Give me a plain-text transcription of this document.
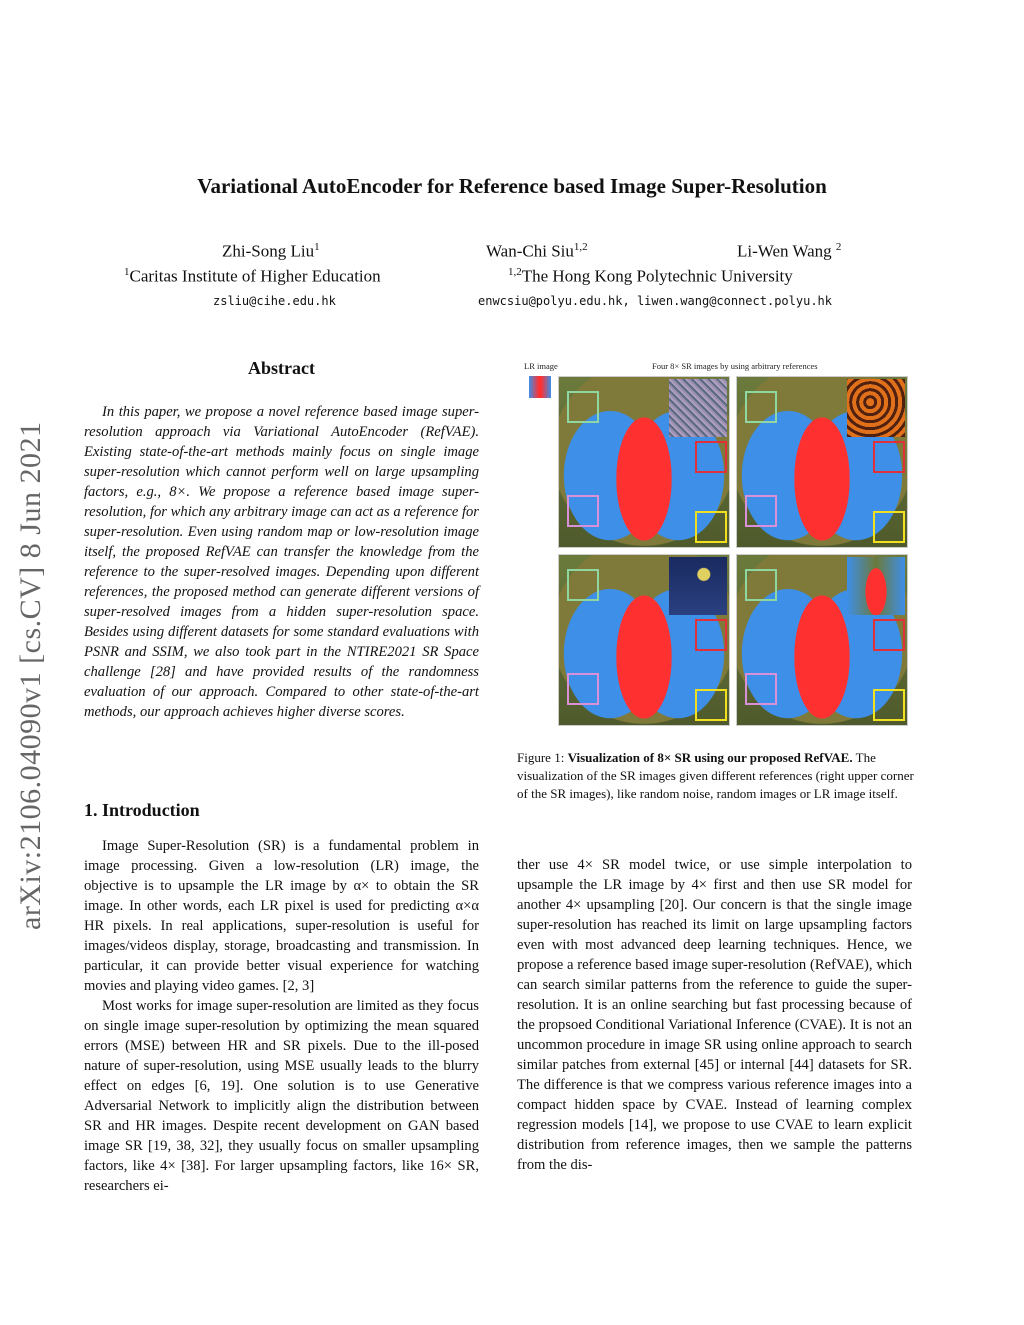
arXiv:2106.04090v1 [cs.CV] 8 Jun 2021
Variational AutoEncoder for Reference based Image Super-Resolution
Zhi-Song Liu$^1$	Wan-Chi Siu$^{1,2}$	Li-Wen Wang $^2$
$^1$Caritas Institute of Higher Education	$^{1,2}$The Hong Kong Polytechnic University
zsliu@cihe.edu.hk	enwcsiu@polyu.edu.hk, liwen.wang@connect.polyu.hk
Abstract

In this paper, we propose a novel reference based image super-resolution approach via Variational AutoEncoder (RefVAE). Existing state-of-the-art methods mainly focus on single image super-resolution which cannot perform well on large upsampling factors, e.g., 8×. We propose a reference based image super-resolution, for which any arbitrary image can act as a reference for super-resolution. Even using random map or low-resolution image itself, the proposed RefVAE can transfer the knowledge from the reference to the super-resolved images. Depending upon different references, the proposed method can generate different versions of super-resolved images from a hidden super-resolution space. Besides using different datasets for some standard evaluations with PSNR and SSIM, we also took part in the NTIRE2021 SR Space challenge [28] and have provided results of the randomness evaluation of our approach. Compared to other state-of-the-art methods, our approach achieves higher diverse scores.

1. Introduction

Image Super-Resolution (SR) is a fundamental problem in image processing. Given a low-resolution (LR) image, the objective is to upsample the LR image by α× to obtain the SR image. In other words, each LR pixel is used for predicting α×α HR pixels. In real applications, super-resolution is useful for images/videos display, storage, broadcasting and transmission. In particular, it can provide better visual experience for watching movies and playing video games. [2, 3]

Most works for image super-resolution are limited as they focus on single image super-resolution by optimizing the mean squared errors (MSE) between HR and SR pixels. Due to the ill-posed nature of super-resolution, using MSE usually leads to the blurry effect on edges [6, 19]. One solution is to use Generative Adversarial Network to implicitly align the distribution between SR and HR images. Despite recent development on GAN based image SR [19, 38, 32], they usually focus on smaller upsampling factors, like 4× [38]. For larger upsampling factors, like 16× SR, researchers ei-

LR image	Four 8× SR images by using arbitrary references
Figure 1: Visualization of 8× SR using our proposed RefVAE. The visualization of the SR images given different references (right upper corner of the SR images), like random noise, random images or LR image itself.

ther use 4× SR model twice, or use simple interpolation to upsample the LR image by 4× first and then use SR model for another 4× upsampling [20]. Our concern is that the single image super-resolution has reached its limit on large upsampling factors even with most advanced deep learning techniques. Hence, we propose a reference based image super-resolution (RefVAE), which can search similar patterns from the reference to guide the super-resolution. It is an online searching but fast processing because of the propsoed Conditional Variational Inference (CVAE). It is not an uncommon procedure in image SR using online approach to search similar patches from external [45] or internal [44] datasets for SR. The difference is that we compress various reference images into a compact hidden space by CVAE. Instead of learning complex regression models [14], we propose to use CVAE to learn explicit distribution from reference images, then we sample the patterns from the dis-
